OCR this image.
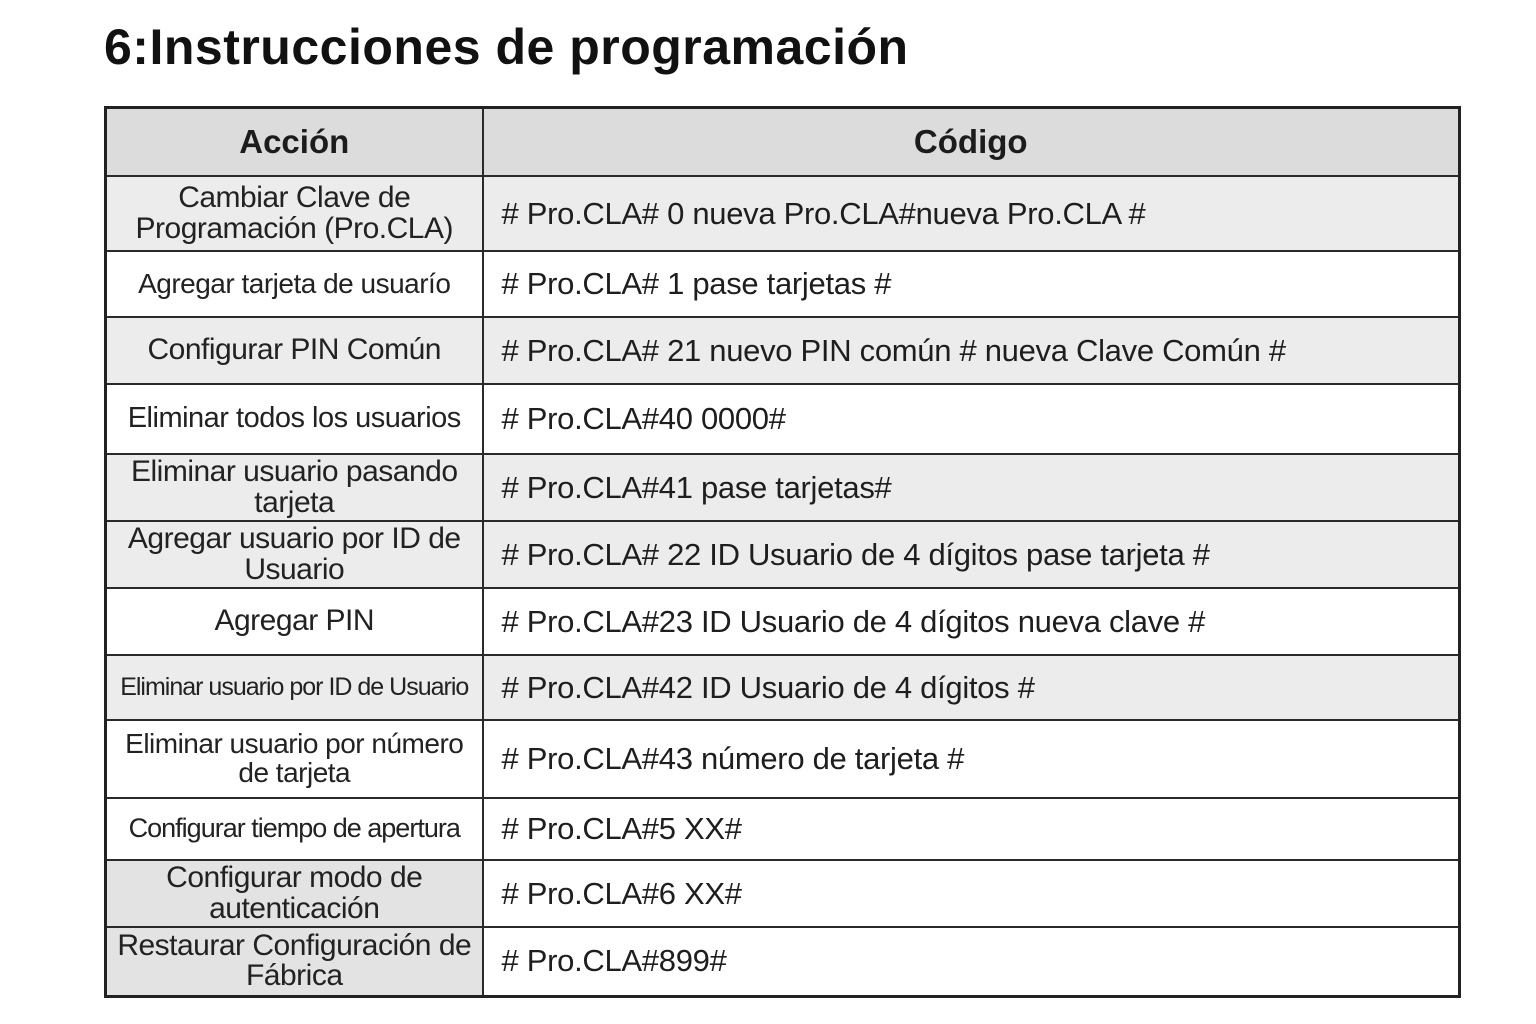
6:Instrucciones de programación
Acción	Código
Cambiar Clave de Programación (Pro.CLA)	# Pro.CLA# 0 nueva Pro.CLA#nueva Pro.CLA #
Agregar tarjeta de usuarío	# Pro.CLA# 1 pase tarjetas #
Configurar PIN Común	# Pro.CLA# 21 nuevo PIN común # nueva Clave Común #
Eliminar todos los usuarios	# Pro.CLA#40 0000#
Eliminar usuario pasando tarjeta	# Pro.CLA#41 pase tarjetas#
Agregar usuario por ID de Usuario	# Pro.CLA# 22 ID Usuario de 4 dígitos pase tarjeta #
Agregar PIN	# Pro.CLA#23 ID Usuario de 4 dígitos nueva clave #
Eliminar usuario por ID de Usuario	# Pro.CLA#42 ID Usuario de 4 dígitos #
Eliminar usuario por número de tarjeta	# Pro.CLA#43 número de tarjeta #
Configurar tiempo de apertura	# Pro.CLA#5 XX#
Configurar modo de autenticación	# Pro.CLA#6 XX#
Restaurar Configuración de Fábrica	# Pro.CLA#899#
